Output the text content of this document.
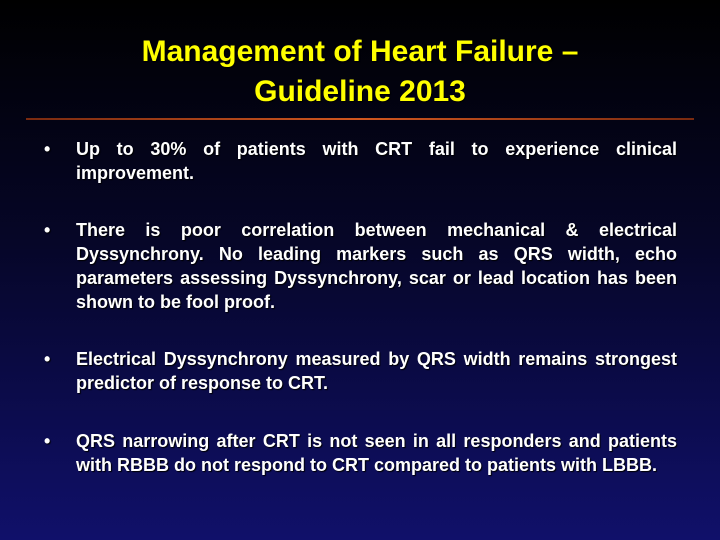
Management of Heart Failure –
Guideline 2013
•	Up to 30% of patients with CRT fail to experience clinical improvement.
•	There is poor correlation between mechanical & electrical Dyssynchrony. No leading markers such as QRS width, echo parameters assessing Dyssynchrony, scar or lead location has been shown to be fool proof.
•	Electrical Dyssynchrony measured by QRS width remains strongest predictor of response to CRT.
•	QRS narrowing after CRT is not seen in all responders and patients with RBBB do not respond to CRT compared to patients with LBBB.
